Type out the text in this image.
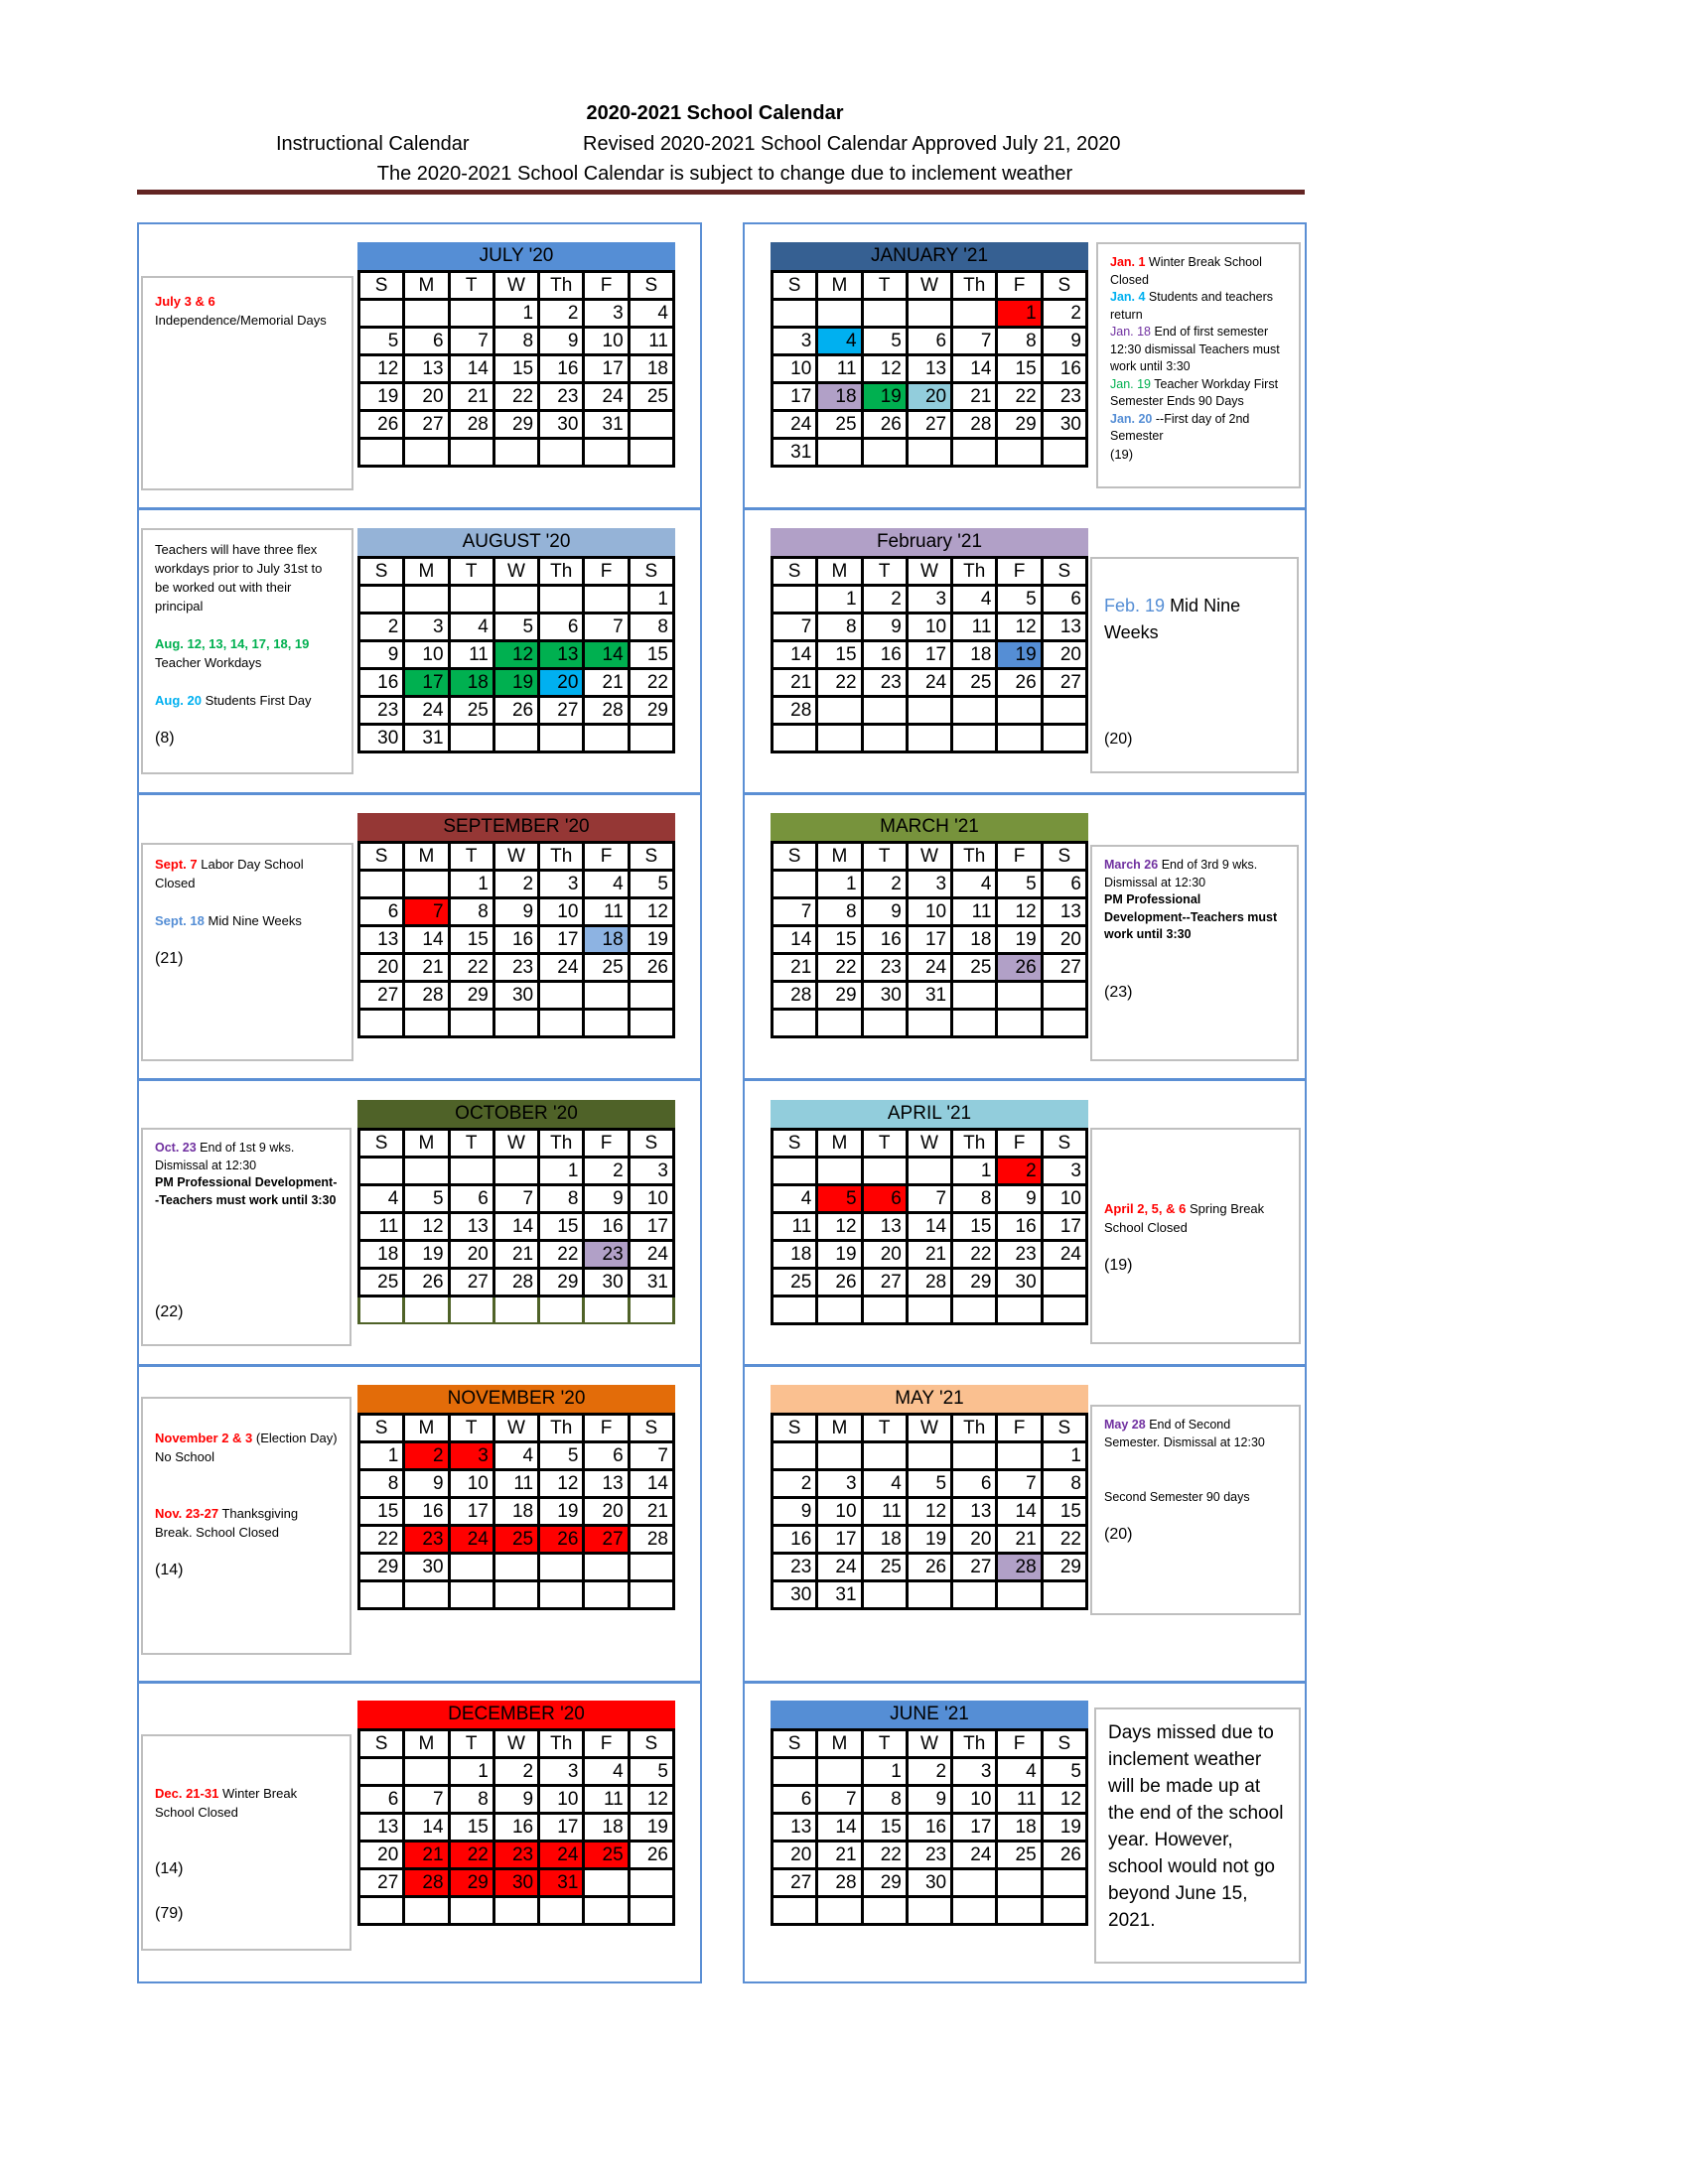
2020-2021 School Calendar
Instructional Calendar	Revised 2020-2021 School Calendar Approved July 21, 2020
The 2020-2021 School Calendar is subject to change due to inclement weather
JULY '20
S	M	T	W	Th	F	S
			1	2	3	4
5	6	7	8	9	10	11
12	13	14	15	16	17	18
19	20	21	22	23	24	25
26	27	28	29	30	31	

July 3 & 6 Independence/Memorial Days

JANUARY '21
S	M	T	W	Th	F	S
					1	2
3	4	5	6	7	8	9
10	11	12	13	14	15	16
17	18	19	20	21	22	23
24	25	26	27	28	29	30
31						

Jan. 1 Winter Break School Closed

Jan. 4 Students and teachers return

Jan. 18 End of first semester 12:30 dismissal Teachers must work until 3:30

Jan. 19 Teacher Workday First Semester Ends 90 Days

Jan. 20 --First day of 2nd Semester

(19)
AUGUST '20
S	M	T	W	Th	F	S
						1
2	3	4	5	6	7	8
9	10	11	12	13	14	15
16	17	18	19	20	21	22
23	24	25	26	27	28	29
30	31					

Teachers will have three flex workdays prior to July 31st to be worked out with their principal

Aug. 12, 13, 14, 17, 18, 19 Teacher Workdays

Aug. 20 Students First Day

(8)
February '21
S	M	T	W	Th	F	S
	1	2	3	4	5	6
7	8	9	10	11	12	13
14	15	16	17	18	19	20
21	22	23	24	25	26	27
28						

Feb. 19 Mid Nine Weeks

(20)
SEPTEMBER '20
S	M	T	W	Th	F	S
		1	2	3	4	5
6	7	8	9	10	11	12
13	14	15	16	17	18	19
20	21	22	23	24	25	26
27	28	29	30			

Sept. 7 Labor Day School Closed

Sept. 18 Mid Nine Weeks

(21)
MARCH '21
S	M	T	W	Th	F	S
	1	2	3	4	5	6
7	8	9	10	11	12	13
14	15	16	17	18	19	20
21	22	23	24	25	26	27
28	29	30	31			

March 26 End of 3rd 9 wks. Dismissal at 12:30
PM Professional Development--Teachers must work until 3:30

(23)
OCTOBER '20
S	M	T	W	Th	F	S
				1	2	3
4	5	6	7	8	9	10
11	12	13	14	15	16	17
18	19	20	21	22	23	24
25	26	27	28	29	30	31

Oct. 23 End of 1st 9 wks. Dismissal at 12:30
PM Professional Development--Teachers must work until 3:30

(22)
APRIL '21
S	M	T	W	Th	F	S
				1	2	3
4	5	6	7	8	9	10
11	12	13	14	15	16	17
18	19	20	21	22	23	24
25	26	27	28	29	30	

April 2, 5, & 6 Spring Break School Closed

(19)
NOVEMBER '20
S	M	T	W	Th	F	S
1	2	3	4	5	6	7
8	9	10	11	12	13	14
15	16	17	18	19	20	21
22	23	24	25	26	27	28
29	30					

November 2 & 3 (Election Day) No School

Nov. 23-27 Thanksgiving Break. School Closed

(14)
MAY '21
S	M	T	W	Th	F	S
						1
2	3	4	5	6	7	8
9	10	11	12	13	14	15
16	17	18	19	20	21	22
23	24	25	26	27	28	29
30	31					

May 28 End of Second Semester. Dismissal at 12:30

Second Semester 90 days

(20)
DECEMBER '20
S	M	T	W	Th	F	S
		1	2	3	4	5
6	7	8	9	10	11	12
13	14	15	16	17	18	19
20	21	22	23	24	25	26
27	28	29	30	31		

Dec. 21-31 Winter Break School Closed

(14)
(79)
JUNE '21
S	M	T	W	Th	F	S
		1	2	3	4	5
6	7	8	9	10	11	12
13	14	15	16	17	18	19
20	21	22	23	24	25	26
27	28	29	30			

Days missed due to inclement weather will be made up at the end of the school year. However, school would not go beyond June 15, 2021.
